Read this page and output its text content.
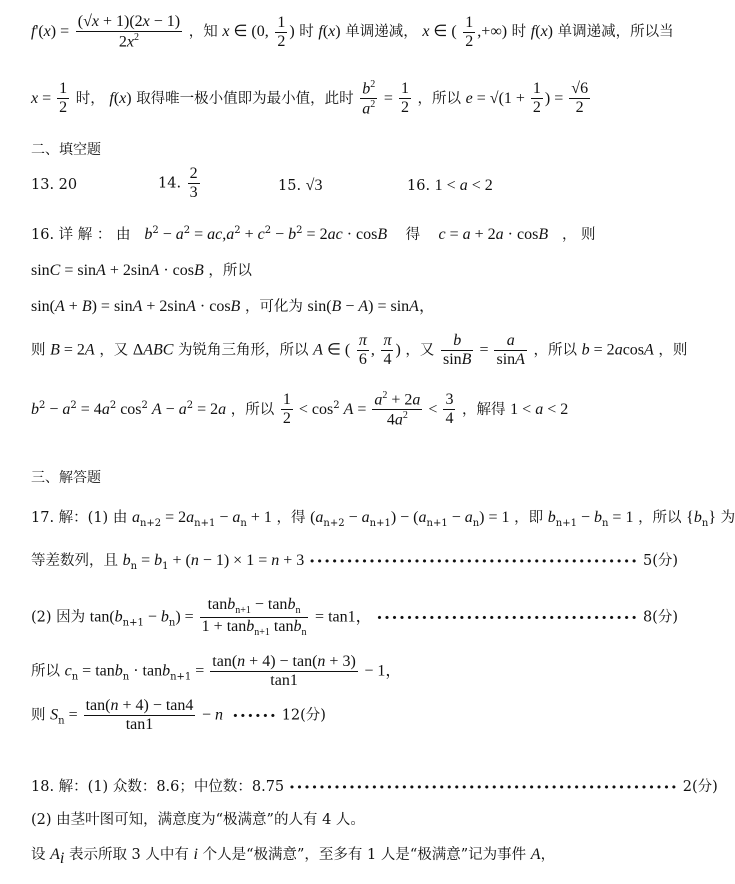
$f'(x) = \frac{(√x + 1)(2x - 1)}{2x^2}$ ，知 x ∈ (0, $\frac{1}{2}$ ) 时 f(x) 单调递减， x ∈ ( $\frac{1}{2}$ ,+∞) 时 f(x) 单调递减，所以当
$x = \frac{1}{2}$ 时， f(x) 取得唯一极小值即为最小值，此时 $\frac{b^2}{a^2} = \frac{1}{2}$ ，所以 $e = √(1 + \frac{1}{2}$ ) = $\frac{√6}{2}$
二、填空题
13. 20	14. $\frac{2}{3}$	15. √3	16. 1 < a < 2
16. 详 解 ： 由 $b^2 - a^2 = ac,a^2 + c^2 - b^2 = 2ac \cdot \cos B$ 得 c = a + 2a · cosB ， 则
sinC = sinA + 2sinA · cosB ，所以
sin(A + B) = sinA + 2sinA · cosB ，可化为 sin(B − A) = sinA，
则 B = 2A ，又 ΔABC 为锐角三角形，所以 A ∈ ( $\frac{\pi}{6}$ , $\frac{\pi}{4}$ ) ，又 $\frac{b}{\sin B} = \frac{a}{\sin A}$ ，所以 b = 2acosA ，则
$b^2 - a^2 = 4a^2$ $\cos^2 A - a^2 = 2a$ ，所以 $\frac{1}{2} < \cos^2 A = \frac{a^2 + 2a}{4a^2} < \frac{3}{4}$ ，解得 1 < a < 2
三、解答题
17. 解：(1) 由 $a_{n+2} = 2a_{n+1} - a_n + 1$ ，得 $(a_{n+2} - a_{n+1}) - (a_{n+1} - a_n) = 1$ ，即 $b_{n+1} - b_n = 1$ ，所以 $\{b_n\}$ 为
等差数列，且 $b_n = b_1 + (n - 1) \times 1 = n + 3$ •••••••••••••••••••••••••••••••••••••••••••• 5(分)
(2) 因为 $\tan(b_{n+1} - b_n) = \frac{\tan b_{n+1} - \tan b_n}{1 + \tan b_{n+1} \tan b_n} = \tan 1$， ••••••••••••••••••••••••••••••••••• 8(分)
所以 $c_n = \tan b_n \cdot \tan b_{n+1} = \frac{\tan(n + 4) - \tan(n + 3)}{\tan 1} - 1$，
则 $S_n = \frac{\tan(n + 4) - \tan 4}{\tan 1} - n$  •••••• 12(分)
18. 解：(1) 众数：8.6；中位数：8.75 •••••••••••••••••••••••••••••••••••••••••••••••••••• 2(分)
(2) 由茎叶图可知，满意度为“极满意”的人有 4 人。
设 $A_i$ 表示所取 3 人中有 i 个人是“极满意”，至多有 1 人是“极满意”记为事件 A，
